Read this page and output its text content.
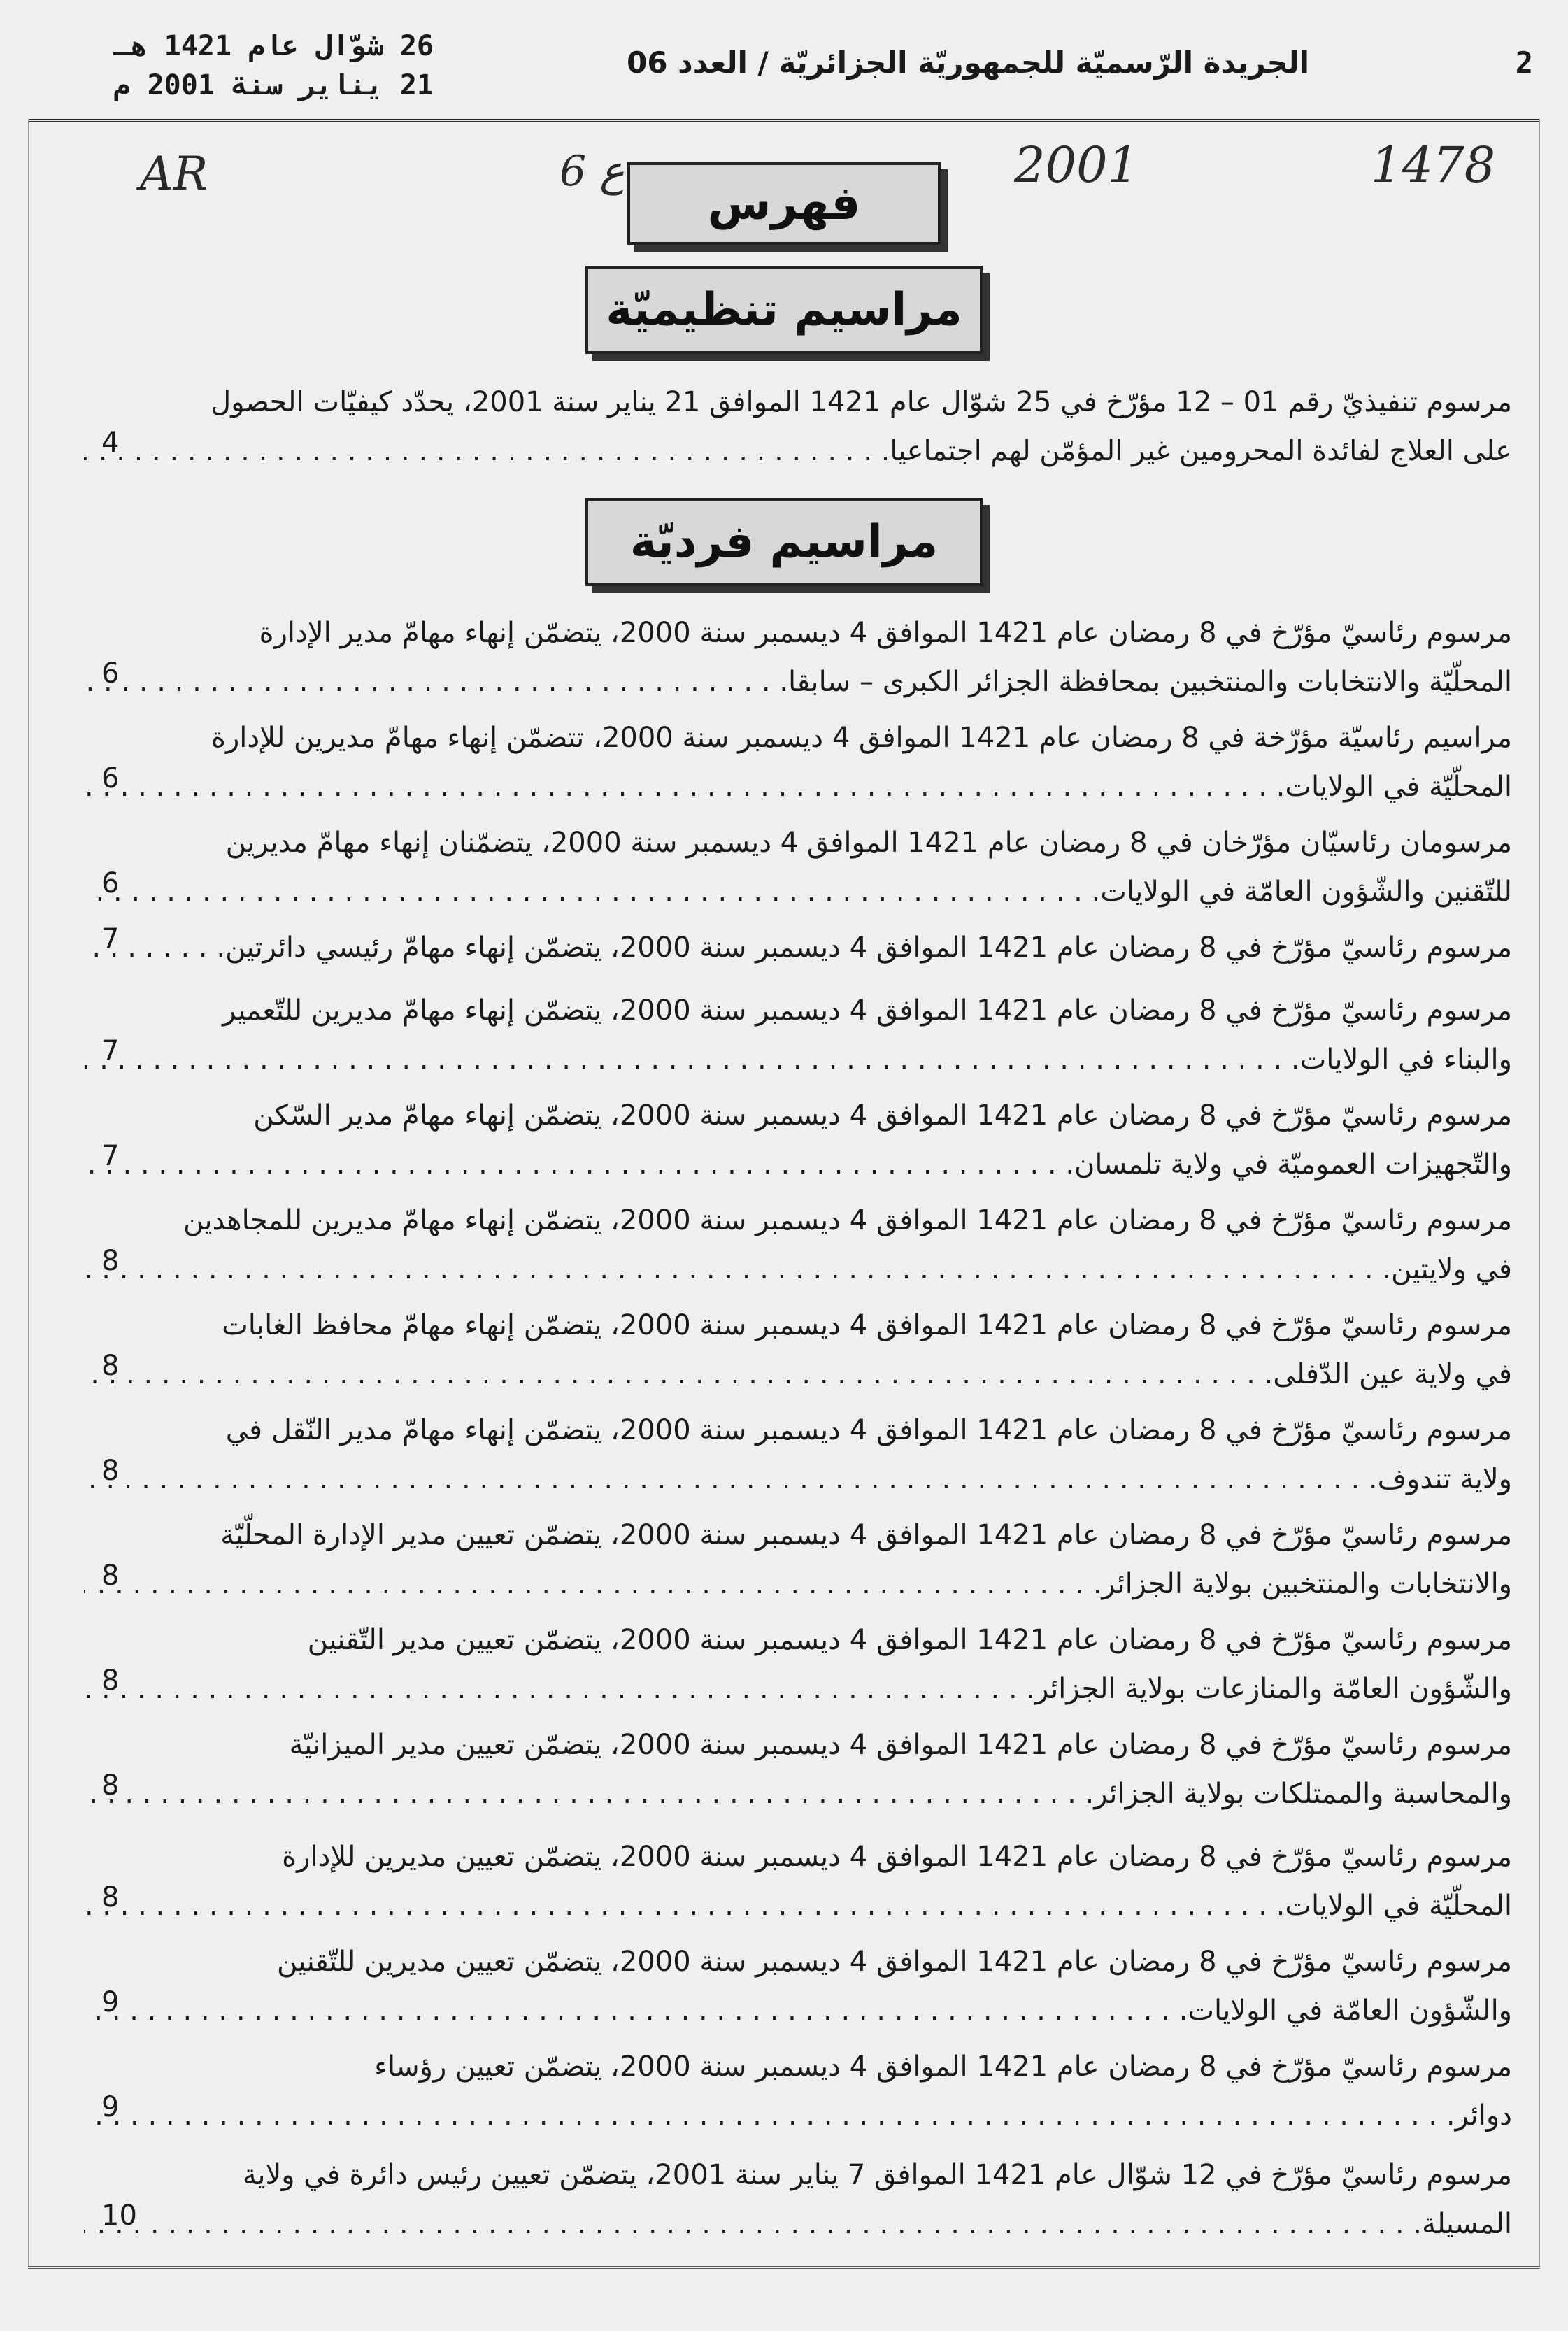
2
الجريدة الرّسميّة للجمهوريّة الجزائريّة / العدد 06
26 شوّال عام 1421 هـ
21 يناير سنة 2001 م
AR	6 ع	2001	1478
فهرس
مراسيم تنظيميّة
مرسوم تنفيذيّ رقم 01 – 12 مؤرّخ في 25 شوّال عام 1421 الموافق 21 يناير سنة 2001، يحدّد كيفيّات الحصول
على العلاج لفائدة المحرومين غير المؤمّن لهم اجتماعيا. . . .
4
مراسيم فرديّة
مرسوم رئاسيّ مؤرّخ في 8 رمضان عام 1421 الموافق 4 ديسمبر سنة 2000، يتضمّن إنهاء مهامّ مدير الإدارة
المحلّيّة والانتخابات والمنتخبين بمحافظة الجزائر الكبرى – سابقا. . . .
6
مراسيم رئاسيّة مؤرّخة في 8 رمضان عام 1421 الموافق 4 ديسمبر سنة 2000، تتضمّن إنهاء مهامّ مديرين للإدارة
المحلّيّة في الولايات. . . .
6
مرسومان رئاسيّان مؤرّخان في 8 رمضان عام 1421 الموافق 4 ديسمبر سنة 2000، يتضمّنان إنهاء مهامّ مديرين
للتّقنين والشّؤون العامّة في الولايات. . . .
6
مرسوم رئاسيّ مؤرّخ في 8 رمضان عام 1421 الموافق 4 ديسمبر سنة 2000، يتضمّن إنهاء مهامّ رئيسي دائرتين. . . .
7
مرسوم رئاسيّ مؤرّخ في 8 رمضان عام 1421 الموافق 4 ديسمبر سنة 2000، يتضمّن إنهاء مهامّ مديرين للتّعمير
والبناء في الولايات. . . .
7
مرسوم رئاسيّ مؤرّخ في 8 رمضان عام 1421 الموافق 4 ديسمبر سنة 2000، يتضمّن إنهاء مهامّ مدير السّكن
والتّجهيزات العموميّة في ولاية تلمسان. . . .
7
مرسوم رئاسيّ مؤرّخ في 8 رمضان عام 1421 الموافق 4 ديسمبر سنة 2000، يتضمّن إنهاء مهامّ مديرين للمجاهدين
في ولايتين. . . .
8
مرسوم رئاسيّ مؤرّخ في 8 رمضان عام 1421 الموافق 4 ديسمبر سنة 2000، يتضمّن إنهاء مهامّ محافظ الغابات
في ولاية عين الدّفلى. . . .
8
مرسوم رئاسيّ مؤرّخ في 8 رمضان عام 1421 الموافق 4 ديسمبر سنة 2000، يتضمّن إنهاء مهامّ مدير النّقل في
ولاية تندوف. . . .
8
مرسوم رئاسيّ مؤرّخ في 8 رمضان عام 1421 الموافق 4 ديسمبر سنة 2000، يتضمّن تعيين مدير الإدارة المحلّيّة
والانتخابات والمنتخبين بولاية الجزائر. . . .
8
مرسوم رئاسيّ مؤرّخ في 8 رمضان عام 1421 الموافق 4 ديسمبر سنة 2000، يتضمّن تعيين مدير التّقنين
والشّؤون العامّة والمنازعات بولاية الجزائر. . . .
8
مرسوم رئاسيّ مؤرّخ في 8 رمضان عام 1421 الموافق 4 ديسمبر سنة 2000، يتضمّن تعيين مدير الميزانيّة
والمحاسبة والممتلكات بولاية الجزائر. . . .
8
مرسوم رئاسيّ مؤرّخ في 8 رمضان عام 1421 الموافق 4 ديسمبر سنة 2000، يتضمّن تعيين مديرين للإدارة
المحلّيّة في الولايات. . . .
8
مرسوم رئاسيّ مؤرّخ في 8 رمضان عام 1421 الموافق 4 ديسمبر سنة 2000، يتضمّن تعيين مديرين للتّقنين
والشّؤون العامّة في الولايات. . . .
9
مرسوم رئاسيّ مؤرّخ في 8 رمضان عام 1421 الموافق 4 ديسمبر سنة 2000، يتضمّن تعيين رؤساء
دوائر. . . .
9
مرسوم رئاسيّ مؤرّخ في 12 شوّال عام 1421 الموافق 7 يناير سنة 2001، يتضمّن تعيين رئيس دائرة في ولاية
المسيلة. . . .
10
